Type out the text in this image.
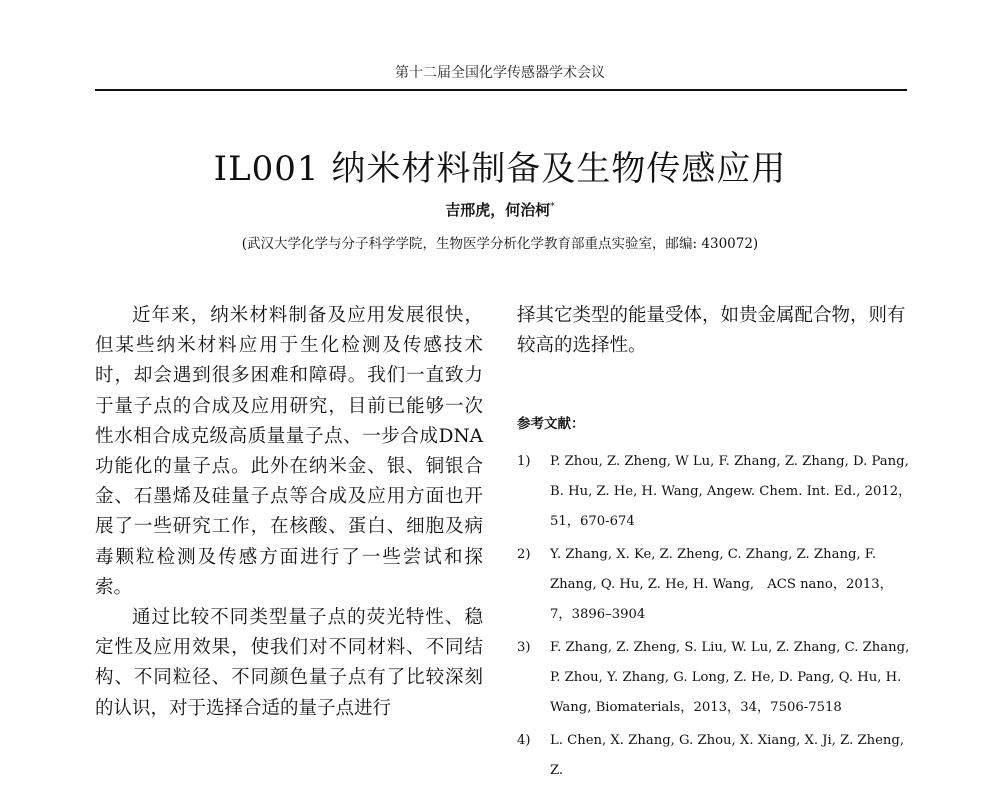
第十二届全国化学传感器学术会议
IL001 纳米材料制备及生物传感应用
吉邢虎，何治柯*
(武汉大学化学与分子科学学院，生物医学分析化学教育部重点实验室，邮编: 430072)

近年来，纳米材料制备及应用发展很快，但某些纳米材料应用于生化检测及传感技术时，却会遇到很多困难和障碍。我们一直致力于量子点的合成及应用研究，目前已能够一次性水相合成克级高质量量子点、一步合成DNA功能化的量子点。此外在纳米金、银、铜银合金、石墨烯及硅量子点等合成及应用方面也开展了一些研究工作，在核酸、蛋白、细胞及病毒颗粒检测及传感方面进行了一些尝试和探索。

通过比较不同类型量子点的荧光特性、稳定性及应用效果，使我们对不同材料、不同结构、不同粒径、不同颜色量子点有了比较深刻的认识，对于选择合适的量子点进行

择其它类型的能量受体，如贵金属配合物，则有较高的选择性。

参考文献：
1) P. Zhou, Z. Zheng, W Lu, F. Zhang, Z. Zhang, D. Pang, B. Hu, Z. He, H. Wang, Angew. Chem. Int. Ed., 2012，51，670-674
2) Y. Zhang, X. Ke, Z. Zheng, C. Zhang, Z. Zhang, F. Zhang, Q. Hu, Z. He, H. Wang,　ACS nano，2013，7，3896–3904
3) F. Zhang, Z. Zheng, S. Liu, W. Lu, Z. Zhang, C. Zhang, P. Zhou, Y. Zhang, G. Long, Z. He, D. Pang, Q. Hu, H. Wang, Biomaterials，2013，34，7506-7518
4) L. Chen, X. Zhang, G. Zhou, X. Xiang, X. Ji, Z. Zheng, Z.
